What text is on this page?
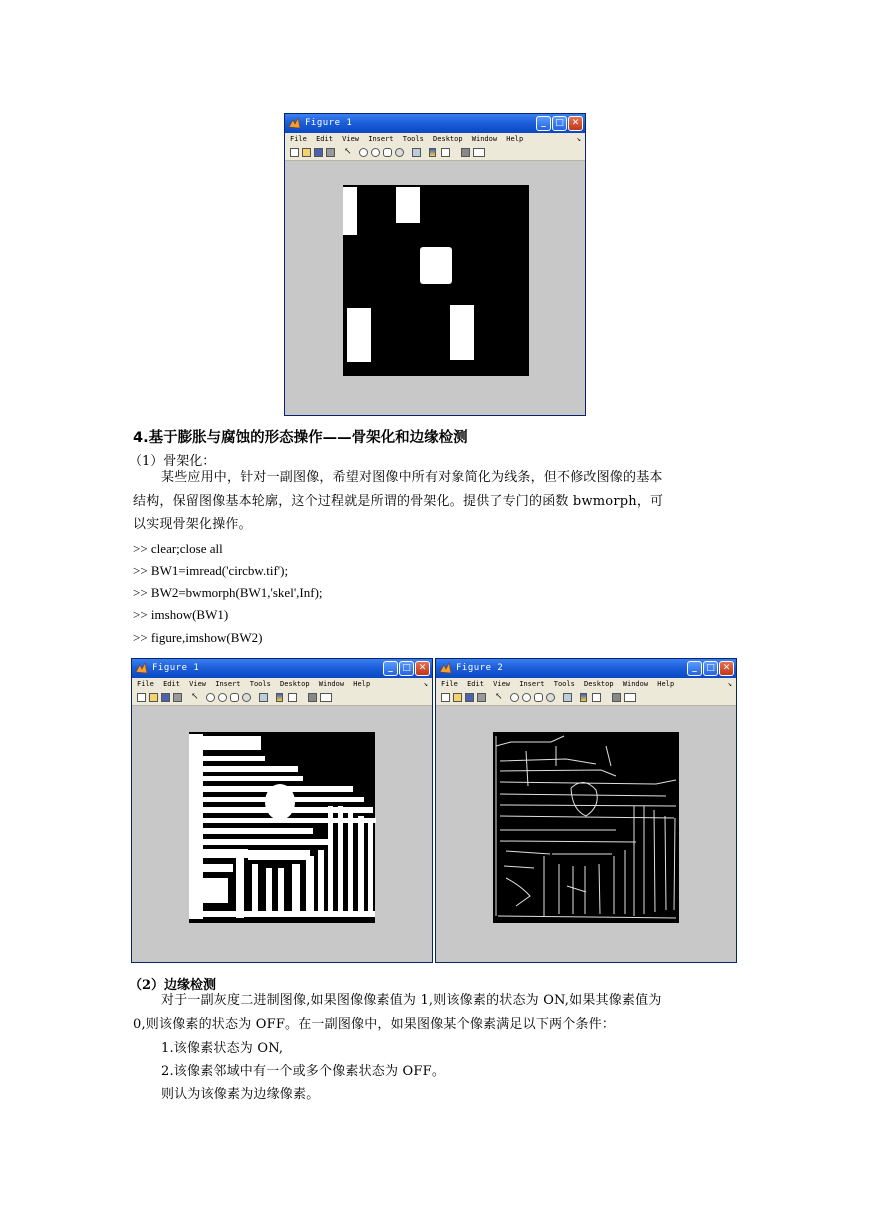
Figure 1	_	□ ✕
File Edit View Insert Tools Desktop Window Help	↘
↖
4.基于膨胀与腐蚀的形态操作——骨架化和边缘检测
（1）骨架化：
某些应用中，针对一副图像，希望对图像中所有对象简化为线条，但不修改图像的基本
结构，保留图像基本轮廓，这个过程就是所谓的骨架化。提供了专门的函数 bwmorph，可
以实现骨架化操作。
>> clear;close all
>> BW1=imread('circbw.tif');
>> BW2=bwmorph(BW1,'skel',Inf);
>> imshow(BW1)
>> figure,imshow(BW2)
Figure 1	_	□ ✕
File Edit View Insert Tools Desktop Window Help	↘
↖
Figure 2	_	□ ✕
File Edit View Insert Tools Desktop Window Help	↘
↖
（2）边缘检测
对于一副灰度二进制图像,如果图像像素值为 1,则该像素的状态为 ON,如果其像素值为
0,则该像素的状态为 OFF。在一副图像中，如果图像某个像素满足以下两个条件：
1.该像素状态为 ON,
2.该像素邻域中有一个或多个像素状态为 OFF。
则认为该像素为边缘像素。
